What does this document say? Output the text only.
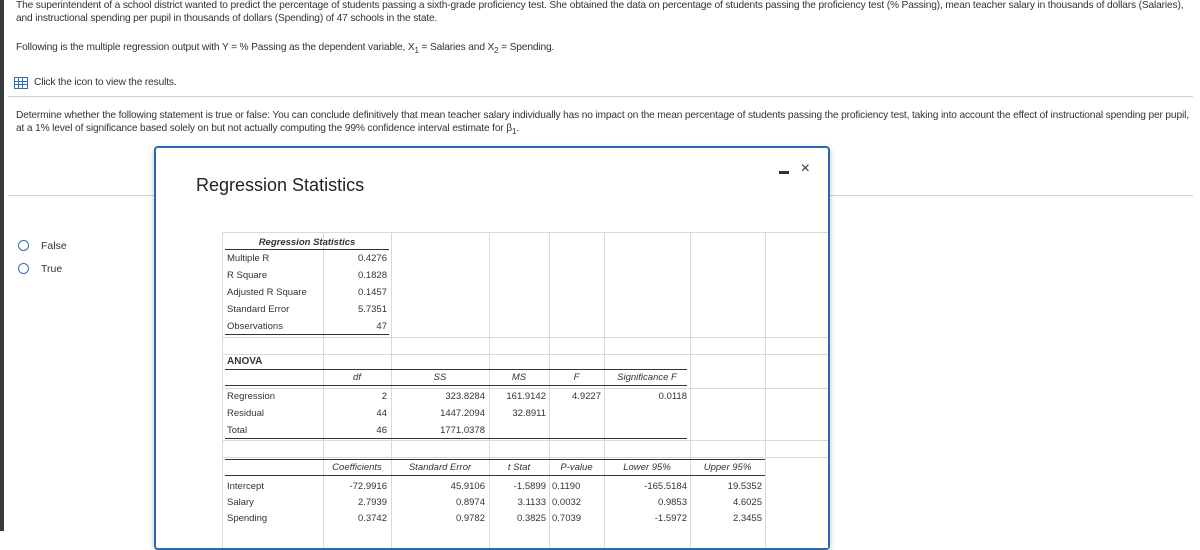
The superintendent of a school district wanted to predict the percentage of students passing a sixth-grade proficiency test. She obtained the data on percentage of students passing the proficiency test (% Passing), mean teacher salary in thousands of dollars (Salaries), and instructional spending per pupil in thousands of dollars (Spending) of 47 schools in the state.
Following is the multiple regression output with Y = % Passing as the dependent variable, $X_1$ = Salaries and $X_2$ = Spending.
Click the icon to view the results.
Determine whether the following statement is true or false: You can conclude definitively that mean teacher salary individually has no impact on the mean percentage of students passing the proficiency test, taking into account the effect of instructional spending per pupil, at a 1% level of significance based solely on but not actually computing the 99% confidence interval estimate for $\beta_1$.
False
True
Regression Statistics
×
Regression Statistics
Multiple R	0.4276
R Square	0.1828
Adjusted R Square	0.1457
Standard Error	5.7351
Observations	47
ANOVA
df	SS	MS	F	Significance F
Regression	2	323.8284	161.9142	4.9227	0.0118
Residual	44	1447.2094	32.8911
Total	46	1771.0378
Coefficients	Standard Error	t Stat	P-value	Lower 95%	Upper 95%
Intercept	-72.9916	45.9106	-1.5899 0.1190	-165.5184	19.5352
Salary	2.7939	0.8974	3.1133 0.0032	0.9853	4.6025
Spending	0.3742	0.9782	0.3825 0.7039	-1.5972	2.3455
